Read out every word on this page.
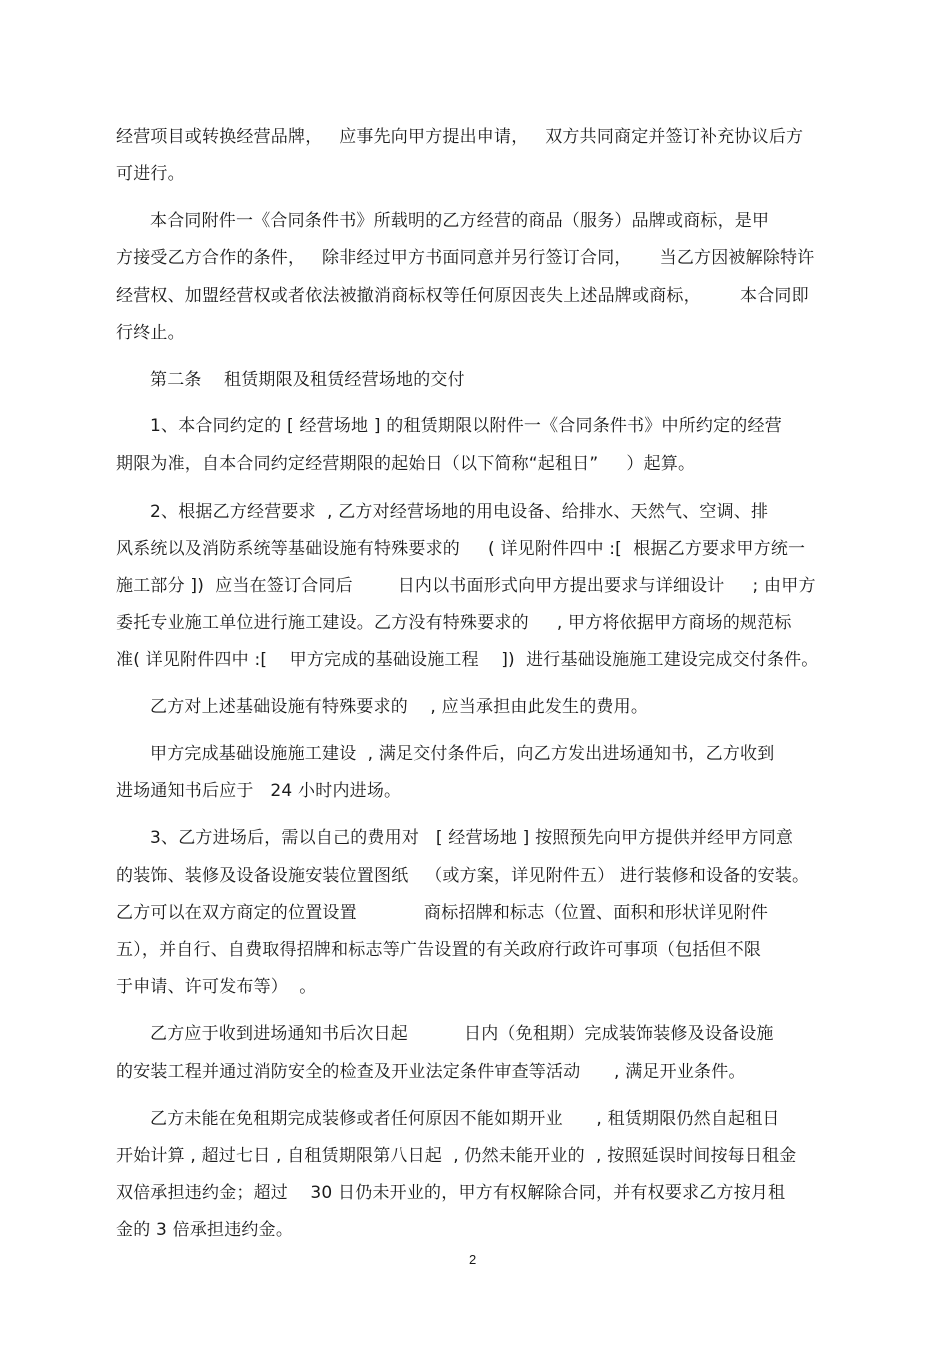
经营项目或转换经营品牌，   应事先向甲方提出申请，   双方共同商定并签订补充协议后方
可进行。
本合同附件一《合同条件书》所载明的乙方经营的商品（服务）品牌或商标，是甲
方接受乙方合作的条件，   除非经过甲方书面同意并另行签订合同，     当乙方因被解除特许
经营权、加盟经营权或者依法被撤消商标权等任何原因丧失上述品牌或商标，       本合同即
行终止。
第二条    租赁期限及租赁经营场地的交付
1、本合同约定的 [ 经营场地 ] 的租赁期限以附件一《合同条件书》中所约定的经营
期限为准，自本合同约定经营期限的起始日（以下简称“起租日”     ）起算。
2、根据乙方经营要求  , 乙方对经营场地的用电设备、给排水、天然气、空调、排
风系统以及消防系统等基础设施有特殊要求的     ( 详见附件四中 :[  根据乙方要求甲方统一
施工部分 ])  应当在签订合同后        日内以书面形式向甲方提出要求与详细设计     ; 由甲方
委托专业施工单位进行施工建设。乙方没有特殊要求的     , 甲方将依据甲方商场的规范标
准( 详见附件四中 :[    甲方完成的基础设施工程    ])  进行基础设施施工建设完成交付条件。
乙方对上述基础设施有特殊要求的    , 应当承担由此发生的费用。
甲方完成基础设施施工建设  , 满足交付条件后，向乙方发出进场通知书，乙方收到
进场通知书后应于   24 小时内进场。
3、乙方进场后，需以自己的费用对   [ 经营场地 ] 按照预先向甲方提供并经甲方同意
的装饰、装修及设备设施安装位置图纸   （或方案，详见附件五） 进行装修和设备的安装。
乙方可以在双方商定的位置设置            商标招牌和标志（位置、面积和形状详见附件
五），并自行、自费取得招牌和标志等广告设置的有关政府行政许可事项（包括但不限
于申请、许可发布等）  。
乙方应于收到进场通知书后次日起          日内（免租期）完成装饰装修及设备设施
的安装工程并通过消防安全的检查及开业法定条件审查等活动      , 满足开业条件。
乙方未能在免租期完成装修或者任何原因不能如期开业      , 租赁期限仍然自起租日
开始计算 , 超过七日 , 自租赁期限第八日起  , 仍然未能开业的  , 按照延误时间按每日租金
双倍承担违约金；超过    30 日仍未开业的，甲方有权解除合同，并有权要求乙方按月租
金的 3 倍承担违约金。
2
